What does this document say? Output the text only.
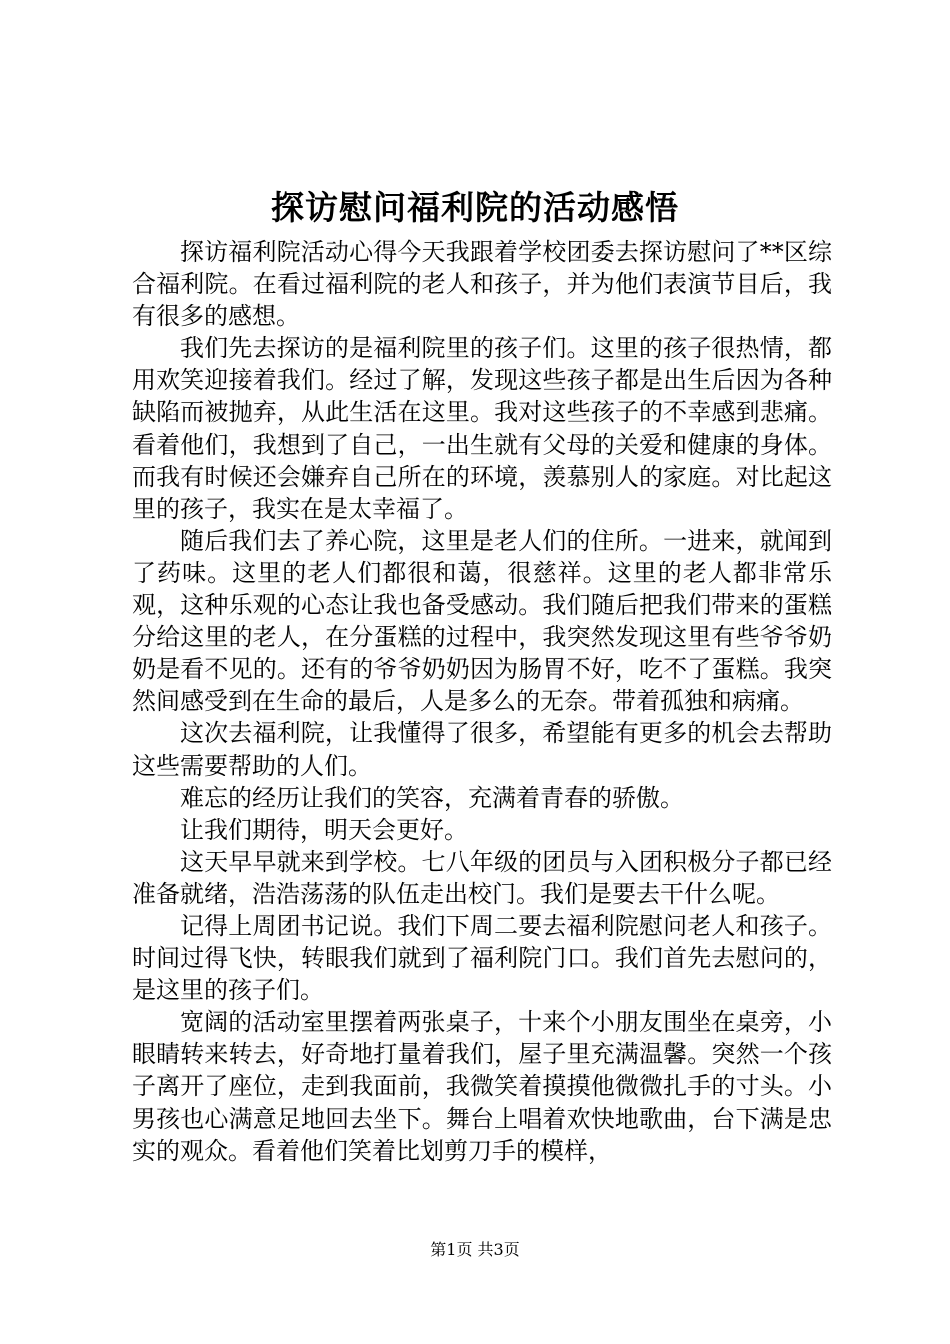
探访慰问福利院的活动感悟

探访福利院活动心得今天我跟着学校团委去探访慰问了**区综合福利院。在看过福利院的老人和孩子，并为他们表演节目后，我有很多的感想。

我们先去探访的是福利院里的孩子们。这里的孩子很热情，都用欢笑迎接着我们。经过了解，发现这些孩子都是出生后因为各种缺陷而被抛弃，从此生活在这里。我对这些孩子的不幸感到悲痛。看着他们，我想到了自己，一出生就有父母的关爱和健康的身体。而我有时候还会嫌弃自己所在的环境，羡慕别人的家庭。对比起这里的孩子，我实在是太幸福了。

随后我们去了养心院，这里是老人们的住所。一进来，就闻到了药味。这里的老人们都很和蔼，很慈祥。这里的老人都非常乐观，这种乐观的心态让我也备受感动。我们随后把我们带来的蛋糕分给这里的老人，在分蛋糕的过程中，我突然发现这里有些爷爷奶奶是看不见的。还有的爷爷奶奶因为肠胃不好，吃不了蛋糕。我突然间感受到在生命的最后，人是多么的无奈。带着孤独和病痛。

这次去福利院，让我懂得了很多，希望能有更多的机会去帮助这些需要帮助的人们。

难忘的经历让我们的笑容，充满着青春的骄傲。

让我们期待，明天会更好。

这天早早就来到学校。七八年级的团员与入团积极分子都已经准备就绪，浩浩荡荡的队伍走出校门。我们是要去干什么呢。

记得上周团书记说。我们下周二要去福利院慰问老人和孩子。时间过得飞快，转眼我们就到了福利院门口。我们首先去慰问的，是这里的孩子们。

宽阔的活动室里摆着两张桌子，十来个小朋友围坐在桌旁，小眼睛转来转去，好奇地打量着我们，屋子里充满温馨。突然一个孩子离开了座位，走到我面前，我微笑着摸摸他微微扎手的寸头。小男孩也心满意足地回去坐下。舞台上唱着欢快地歌曲，台下满是忠实的观众。看着他们笑着比划剪刀手的模样，

第1页 共3页
